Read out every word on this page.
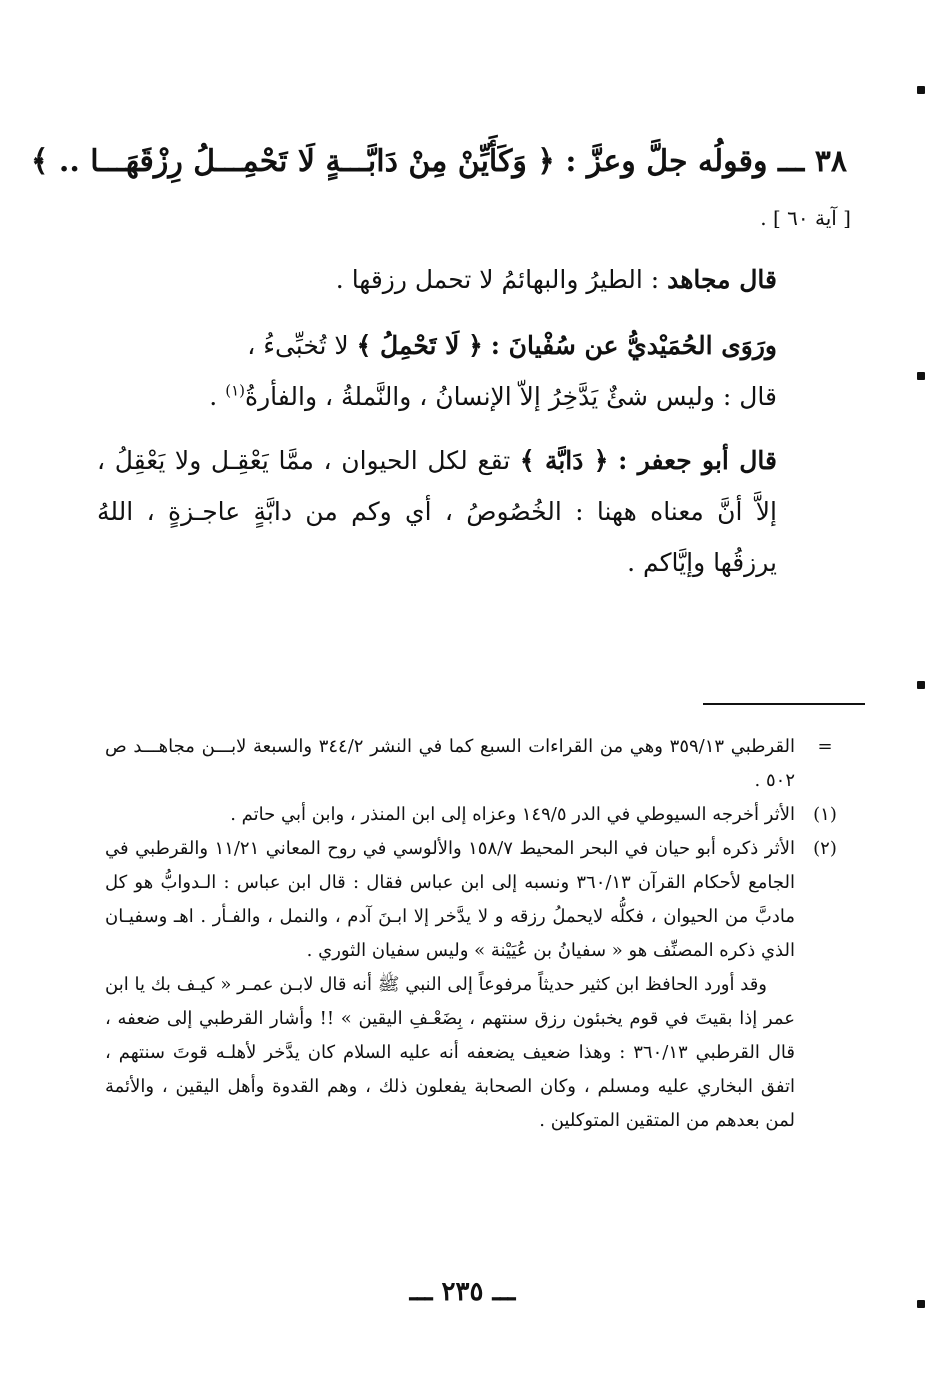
٣٨ ـــ وقولُه جلَّ وعزَّ : ﴿ وَكَأَيِّنْ مِنْ دَابَّـــةٍ لَا تَحْمِـــلُ رِزْقَهَـــا .. ﴾
[ آية ٦٠ ] .
قال مجاهد : الطيرُ والبهائمُ لا تحمل رزقها .
ورَوَى الحُمَيْديُّ عن سُفْيانَ : ﴿ لَا تَحْمِلُ ﴾ لا تُخبِّىءُ ،
قال : وليس شئٌ يَدَّخِرُ إلاّ الإنسانُ ، والنَّملةُ ، والفأرةُ$^{(١)}$ .
قال أبو جعفر : ﴿ دَابَّة ﴾ تقع لكل الحيوان ، ممَّا يَعْقِـل ولا يَعْقِلُ ، إلاَّ أنَّ معناه ههنا : الخُصُوصُ ، أي وكم من دابَّةٍ عاجـزةٍ ، اللهُ يرزقُها وإيَّاكم .
=
القرطبي ٣٥٩/١٣ وهي من القراءات السبع كما في النشر ٣٤٤/٢ والسبعة لابـــن مجاهـــد ص ٥٠٢ .
(١)
الأثر أخرجه السيوطي في الدر ١٤٩/٥ وعزاه إلى ابن المنذر ، وابن أبي حاتم .
(٢)
الأثر ذكره أبو حيان في البحر المحيط ١٥٨/٧ والألوسي في روح المعاني ١١/٢١ والقرطبي في الجامع لأحكام القرآن ٣٦٠/١٣ ونسبه إلى ابن عباس فقال : قال ابن عباس : الـدوابُّ هو كل مادبَّ من الحيوان ، فكلُّه لايحملُ رزقه و لا يدَّخر إلا ابـنَ آدم ، والنمل ، والفـأر . اهـ وسفيـان الذي ذكره المصنِّف هو « سفيانُ بن عُيَيْنة » وليس سفيان الثوري .
وقد أورد الحافظ ابن كثير حديثاً مرفوعاً إلى النبي ﷺ أنه قال لابـن عمـر « كيـف بك يا ابن عمر إذا بقيتَ في قوم يخبئون رزق سنتهم ، بِضَعْـفِ اليقين » !! وأشار القرطبي إلى ضعفه ، قال القرطبي ٣٦٠/١٣ : وهذا ضعيف يضعفه أنه عليه السلام كان يدَّخر لأهلـه قوتَ سنتهم ، اتفق البخاري عليه ومسلم ، وكان الصحابة يفعلون ذلك ، وهم القدوة وأهل اليقين ، والأئمة لمن بعدهم من المتقين المتوكلين .
ـــ ٢٣٥ ـــ
